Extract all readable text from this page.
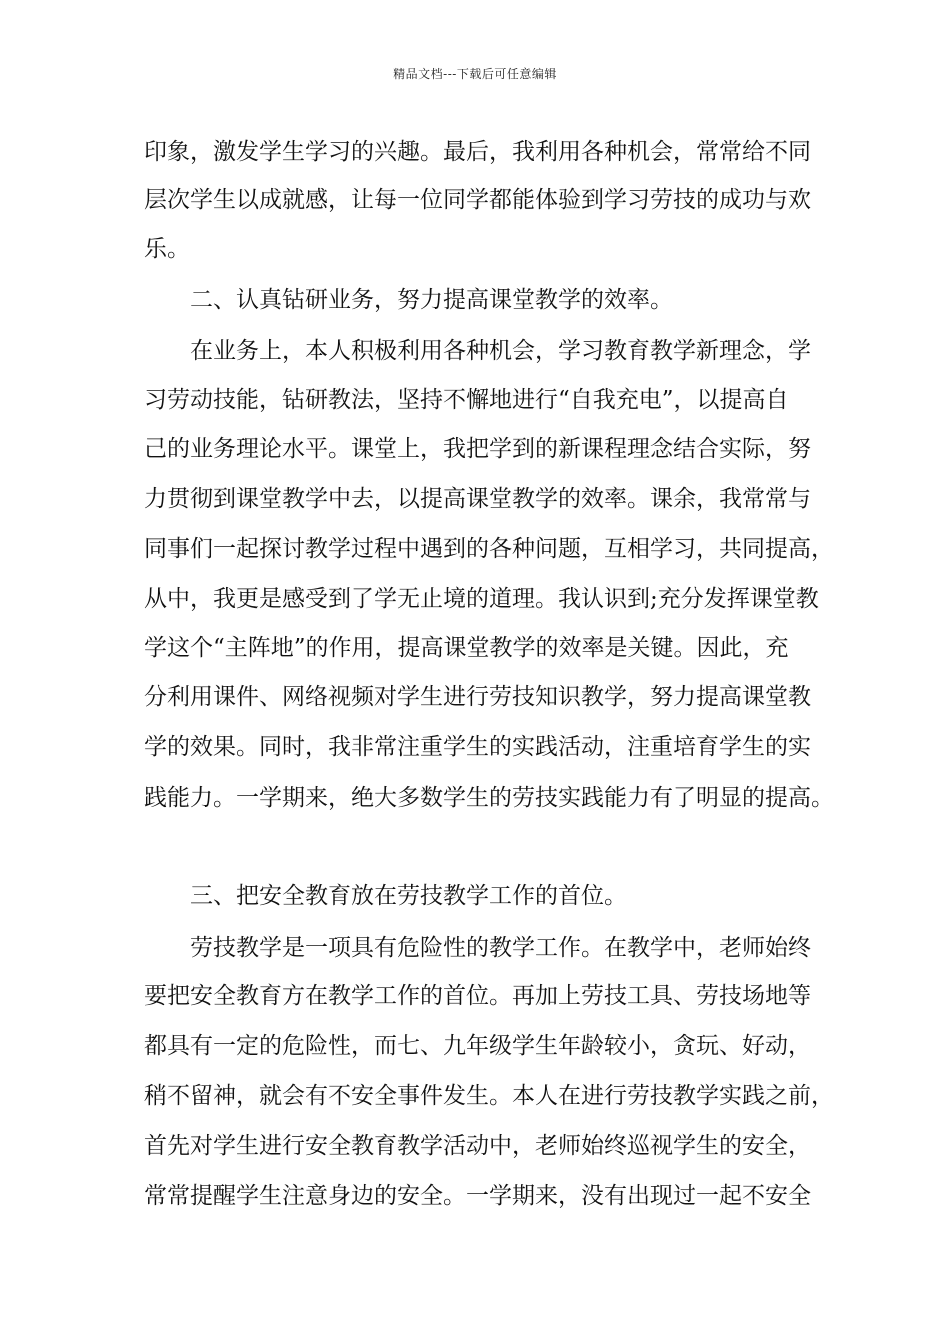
精品文档---下载后可任意编辑
印象，激发学生学习的兴趣。最后，我利用各种机会，常常给不同
层次学生以成就感，让每一位同学都能体验到学习劳技的成功与欢
乐。
二、认真钻研业务，努力提高课堂教学的效率。
在业务上，本人积极利用各种机会，学习教育教学新理念，学
习劳动技能，钻研教法，坚持不懈地进行“自我充电”，以提高自
己的业务理论水平。课堂上，我把学到的新课程理念结合实际，努
力贯彻到课堂教学中去，以提高课堂教学的效率。课余，我常常与
同事们一起探讨教学过程中遇到的各种问题，互相学习，共同提高，
从中，我更是感受到了学无止境的道理。我认识到;充分发挥课堂教
学这个“主阵地”的作用，提高课堂教学的效率是关键。因此，充
分利用课件、网络视频对学生进行劳技知识教学，努力提高课堂教
学的效果。同时，我非常注重学生的实践活动，注重培育学生的实
践能力。一学期来，绝大多数学生的劳技实践能力有了明显的提高。
三、把安全教育放在劳技教学工作的首位。
劳技教学是一项具有危险性的教学工作。在教学中，老师始终
要把安全教育方在教学工作的首位。再加上劳技工具、劳技场地等
都具有一定的危险性，而七、九年级学生年龄较小，贪玩、好动，
稍不留神，就会有不安全事件发生。本人在进行劳技教学实践之前，
首先对学生进行安全教育教学活动中，老师始终巡视学生的安全，
常常提醒学生注意身边的安全。一学期来，没有出现过一起不安全
